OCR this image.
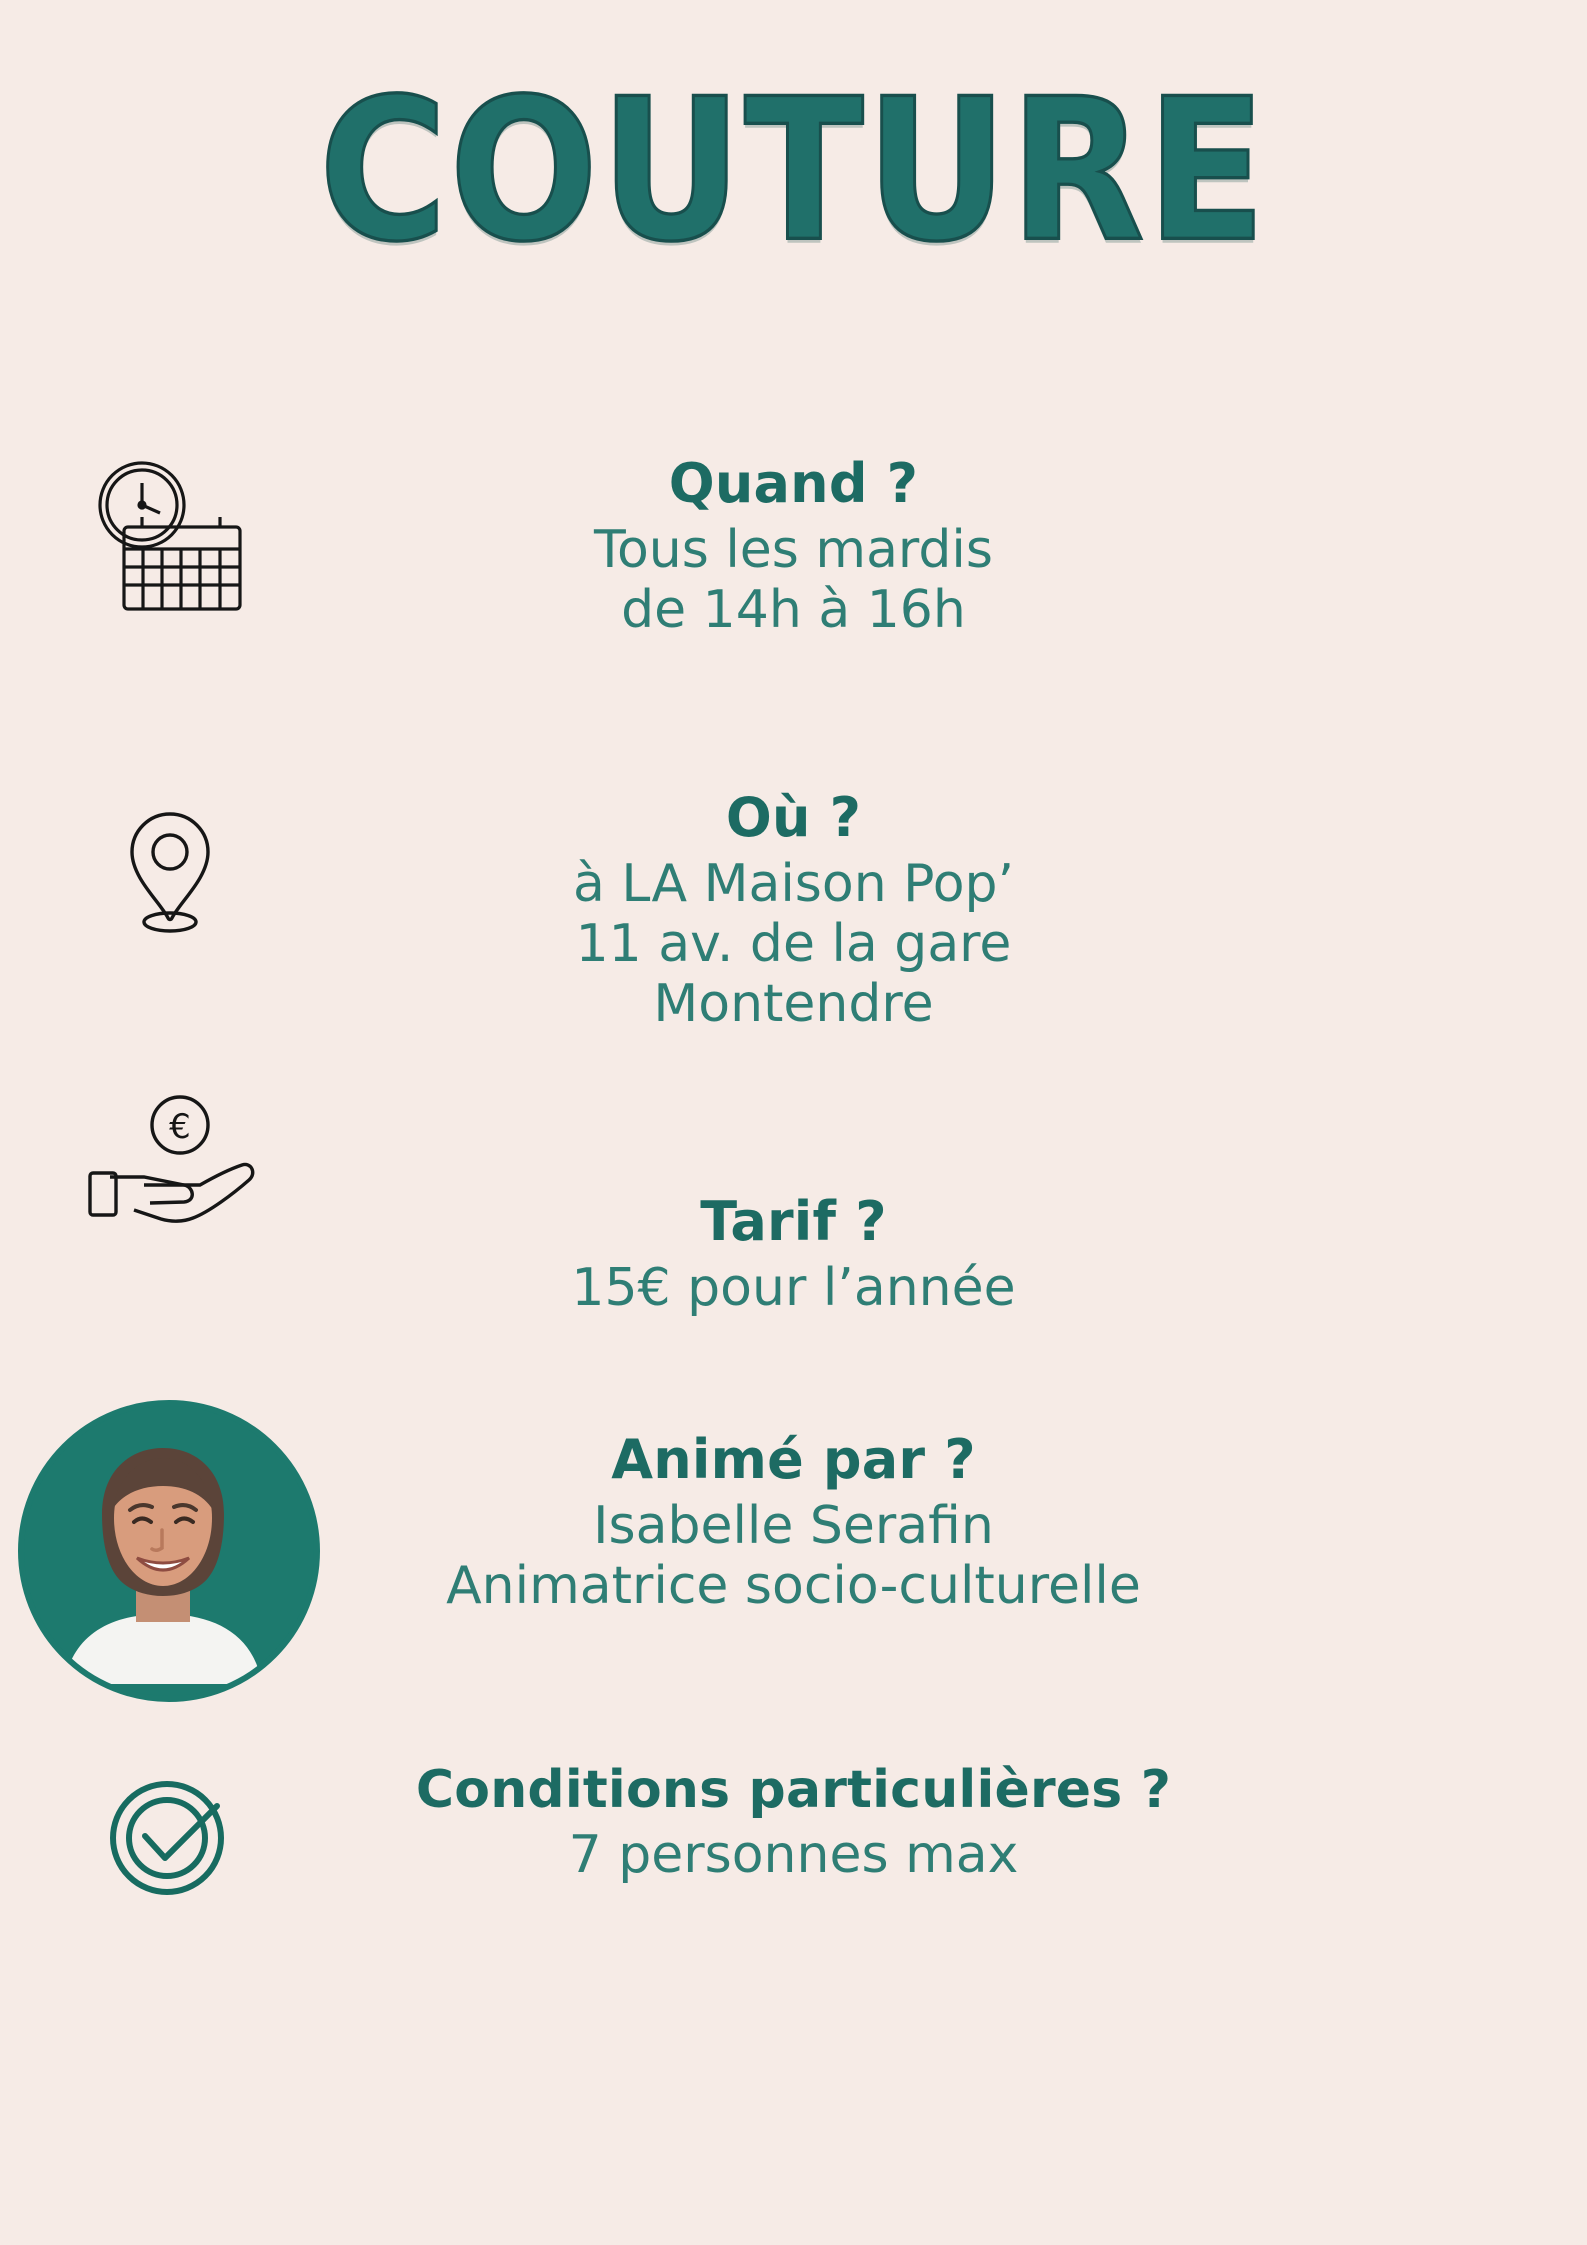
COUTURE
€
Quand ?
Tous les mardis
de 14h à 16h
Où ?
à LA Maison Pop’
11 av. de la gare
Montendre
Tarif ?
15€ pour l’année
Animé par ?
Isabelle Serafin
Animatrice socio-culturelle
Conditions particulières ?
7 personnes max
